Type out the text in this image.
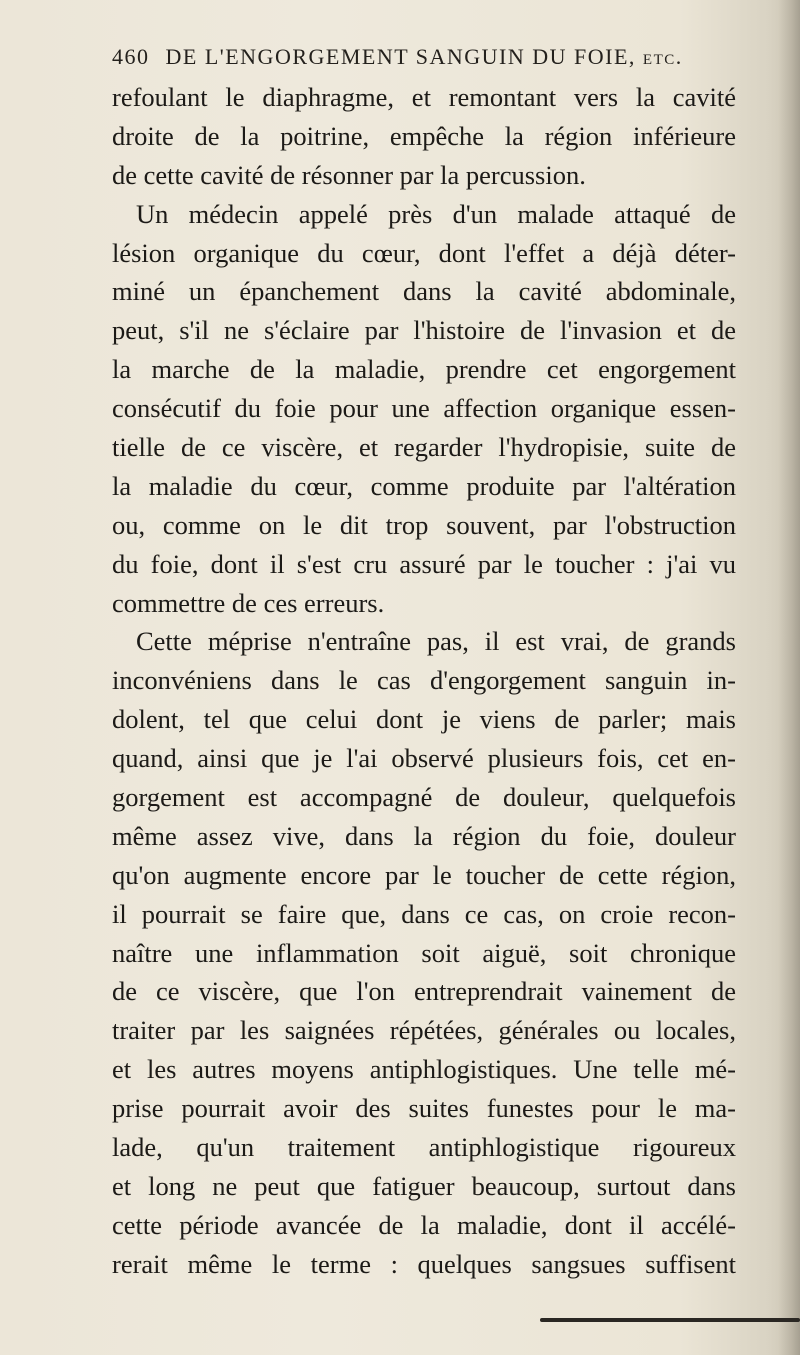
460 DE L'ENGORGEMENT SANGUIN DU FOIE, etc.
refoulant le diaphragme, et remontant vers la cavité
droite de la poitrine, empêche la région inférieure
de cette cavité de résonner par la percussion.
Un médecin appelé près d'un malade attaqué de
lésion organique du cœur, dont l'effet a déjà déter-
miné un épanchement dans la cavité abdominale,
peut, s'il ne s'éclaire par l'histoire de l'invasion et de
la marche de la maladie, prendre cet engorgement
consécutif du foie pour une affection organique essen-
tielle de ce viscère, et regarder l'hydropisie, suite de
la maladie du cœur, comme produite par l'altération
ou, comme on le dit trop souvent, par l'obstruction
du foie, dont il s'est cru assuré par le toucher : j'ai vu
commettre de ces erreurs.
Cette méprise n'entraîne pas, il est vrai, de grands
inconvéniens dans le cas d'engorgement sanguin in-
dolent, tel que celui dont je viens de parler; mais
quand, ainsi que je l'ai observé plusieurs fois, cet en-
gorgement est accompagné de douleur, quelquefois
même assez vive, dans la région du foie, douleur
qu'on augmente encore par le toucher de cette région,
il pourrait se faire que, dans ce cas, on croie recon-
naître une inflammation soit aiguë, soit chronique
de ce viscère, que l'on entreprendrait vainement de
traiter par les saignées répétées, générales ou locales,
et les autres moyens antiphlogistiques. Une telle mé-
prise pourrait avoir des suites funestes pour le ma-
lade, qu'un traitement antiphlogistique rigoureux
et long ne peut que fatiguer beaucoup, surtout dans
cette période avancée de la maladie, dont il accélé-
rerait même le terme : quelques sangsues suffisent
